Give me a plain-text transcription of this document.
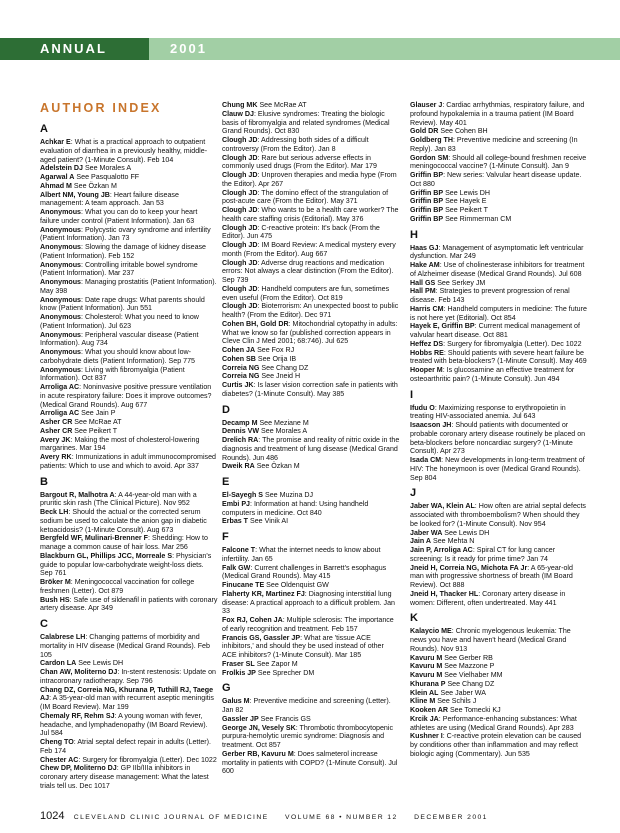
ANNUAL INDEX
2001
AUTHOR INDEX
A
Achkar E: What is a practical approach to outpatient evaluation of diarrhea in a previously healthy, middle-aged patient? (1-Minute Consult). Feb 104
Adelstein DJ See Morales A
Agarwal A See Pasqualotto FF
Ahmad M See Özkan M
Albert NM, Young JB: Heart failure disease management: A team approach. Jan 53
Anonymous: What you can do to keep your heart failure under control (Patient Information). Jan 63
Anonymous: Polycystic ovary syndrome and infertility (Patient Information). Jan 73
Anonymous: Slowing the damage of kidney disease (Patient Information). Feb 152
Anonymous: Controlling irritable bowel syndrome (Patient Information). Mar 237
Anonymous: Managing prostatitis (Patient Information). May 398
Anonymous: Date rape drugs: What parents should know (Patient Information). Jun 551
Anonymous: Cholesterol: What you need to know (Patient Information). Jul 623
Anonymous: Peripheral vascular disease (Patient Information). Aug 734
Anonymous: What you should know about low-carbohydrate diets (Patient Information). Sep 775
Anonymous: Living with fibromyalgia (Patient Information). Oct 837
Arroliga AC: Noninvasive positive pressure ventilation in acute respiratory failure: Does it improve outcomes? (Medical Grand Rounds). Aug 677
Arroliga AC See Jain P
Asher CR See McRae AT
Asher CR See Peikert T
Avery JK: Making the most of cholesterol-lowering margarines. Mar 194
Avery RK: Immunizations in adult immunocompromised patients: Which to use and which to avoid. Apr 337
B
Bargout R, Malhotra A: A 44-year-old man with a pruritic skin rash (The Clinical Picture). Nov 952
Beck LH: Should the actual or the corrected serum sodium be used to calculate the anion gap in diabetic ketoacidosis? (1-Minute Consult). Aug 673
Bergfeld WF, Mulinari-Brenner F: Shedding: How to manage a common cause of hair loss. Mar 256
Blackburn GL, Phillips JCC, Morreale S: Physician's guide to popular low-carbohydrate weight-loss diets. Sep 761
Bröker M: Meningococcal vaccination for college freshmen (Letter). Oct 879
Bush HS: Safe use of sildenafil in patients with coronary artery disease. Apr 349
C
Calabrese LH: Changing patterns of morbidity and mortality in HIV disease (Medical Grand Rounds). Feb 105
Cardon LA See Lewis DH
Chan AW, Moliterno DJ: In-stent restenosis: Update on intracoronary radiotherapy. Sep 796
Chang DZ, Correia NG, Khurana P, Tuthill RJ, Taege AJ: A 35-year-old man with recurrent aseptic meningitis (IM Board Review). Mar 199
Chemaly RF, Rehm SJ: A young woman with fever, headache, and lymphadenopathy (IM Board Review). Jul 584
Cheng TO: Atrial septal defect repair in adults (Letter). Feb 174
Chester AC: Surgery for fibromyalgia (Letter). Dec 1022
Chew DP, Moliterno DJ: GP IIb/IIIa inhibitors in coronary artery disease management: What the latest trials tell us. Dec 1017
Chung MK See McRae AT
Clauw DJ: Elusive syndromes: Treating the biologic basis of fibromyalgia and related syndromes (Medical Grand Rounds). Oct 830
Clough JD: Addressing both sides of a difficult controversy (From the Editor). Jan 8
Clough JD: Rare but serious adverse effects in commonly used drugs (From the Editor). Mar 179
Clough JD: Unproven therapies and media hype (From the Editor). Apr 267
Clough JD: The domino effect of the strangulation of post-acute care (From the Editor). May 371
Clough JD: Who wants to be a health care worker? The health care staffing crisis (Editorial). May 376
Clough JD: C-reactive protein: It's back (From the Editor). Jun 475
Clough JD: IM Board Review: A medical mystery every month (From the Editor). Aug 667
Clough JD: Adverse drug reactions and medication errors: Not always a clear distinction (From the Editor). Sep 739
Clough JD: Handheld computers are fun, sometimes even useful (From the Editor). Oct 819
Clough JD: Bioterrorism: An unexpected boost to public health? (From the Editor). Dec 971
Cohen BH, Gold DR: Mitochondrial cytopathy in adults: What we know so far (published correction appears in Cleve Clin J Med 2001; 68:746). Jul 625
Cohen JA See Fox RJ
Cohen SB See Orija IB
Correia NG See Chang DZ
Correia NG See Jneid H
Curtis JK: Is laser vision correction safe in patients with diabetes? (1-Minute Consult). May 385
D
Decamp M See Meziane M
Dennis VW See Morales A
Drelich RA: The promise and reality of nitric oxide in the diagnosis and treatment of lung disease (Medical Grand Rounds). Jun 486
Dweik RA See Özkan M
E
El-Sayegh S See Muzina DJ
Embi PJ: Information at hand: Using handheld computers in medicine. Oct 840
Erbas T See Vinik AI
F
Falcone T: What the internet needs to know about infertility. Jan 65
Falk GW: Current challenges in Barrett's esophagus (Medical Grand Rounds). May 415
Finucane TE See Oldenquist GW
Flaherty KR, Martinez FJ: Diagnosing interstitial lung disease: A practical approach to a difficult problem. Jan 33
Fox RJ, Cohen JA: Multiple sclerosis: The importance of early recognition and treatment. Feb 157
Francis GS, Gassler JP: What are 'tissue ACE inhibitors,' and should they be used instead of other ACE inhibitors? (1-Minute Consult). Mar 185
Fraser SL See Zapor M
Frolkis JP See Sprecher DM
G
Galus M: Preventive medicine and screening (Letter). Jan 82
Gassler JP See Francis GS
George JN, Vesely SK: Thrombotic thrombocytopenic purpura-hemolytic uremic syndrome: Diagnosis and treatment. Oct 857
Gerber RB, Kavuru M: Does salmeterol increase mortality in patients with COPD? (1-Minute Consult). Jul 600
Glauser J: Cardiac arrhythmias, respiratory failure, and profound hypokalemia in a trauma patient (IM Board Review). May 401
Gold DR See Cohen BH
Goldberg TH: Preventive medicine and screening (In Reply). Jan 83
Gordon SM: Should all college-bound freshmen receive meningococcal vaccine? (1-Minute Consult). Jan 9
Griffin BP: New series: Valvular heart disease update. Oct 880
Griffin BP See Lewis DH
Griffin BP See Hayek E
Griffin BP See Peikert T
Griffin BP See Rimmerman CM
H
Haas GJ: Management of asymptomatic left ventricular dysfunction. Mar 249
Hake AM: Use of cholinesterase inhibitors for treatment of Alzheimer disease (Medical Grand Rounds). Jul 608
Hall GS See Serkey JM
Hall PM: Strategies to prevent progression of renal disease. Feb 143
Harris CM: Handheld computers in medicine: The future is not here yet (Editorial). Oct 854
Hayek E, Griffin BP: Current medical management of valvular heart disease. Oct 881
Heffez DS: Surgery for fibromyalgia (Letter). Dec 1022
Hobbs RE: Should patients with severe heart failure be treated with beta-blockers? (1-Minute Consult). May 469
Hooper M: Is glucosamine an effective treatment for osteoarthritic pain? (1-Minute Consult). Jun 494
I
Ifudu O: Maximizing response to erythropoietin in treating HIV-associated anemia. Jul 643
Isaacson JH: Should patients with documented or probable coronary artery disease routinely be placed on beta-blockers before noncardiac surgery? (1-Minute Consult). Apr 273
Isada CM: New developments in long-term treatment of HIV: The honeymoon is over (Medical Grand Rounds). Sep 804
J
Jaber WA, Klein AL: How often are atrial septal defects associated with thromboembolism? When should they be looked for? (1-Minute Consult). Nov 954
Jaber WA See Lewis DH
Jain A See Mehta N
Jain P, Arroliga AC: Spiral CT for lung cancer screening: Is it ready for prime time? Jan 74
Jneid H, Correia NG, Michota FA Jr: A 65-year-old man with progressive shortness of breath (IM Board Review). Oct 888
Jneid H, Thacker HL: Coronary artery disease in women: Different, often undertreated. May 441
K
Kalaycio ME: Chronic myelogenous leukemia: The news you have and haven't heard (Medical Grand Rounds). Nov 913
Kavuru M See Gerber RB
Kavuru M See Mazzone P
Kavuru M See Vielhaber MM
Khurana P See Chang DZ
Klein AL See Jaber WA
Kline M See Schils J
Kooken AR See Tomecki KJ
Krcik JA: Performance-enhancing substances: What athletes are using (Medical Grand Rounds). Apr 283
Kushner I: C-reactive protein elevation can be caused by conditions other than inflammation and may reflect biologic aging (Commentary). Jun 535
1024 CLEVELAND CLINIC JOURNAL OF MEDICINE VOLUME 68 • NUMBER 12 DECEMBER 2001
